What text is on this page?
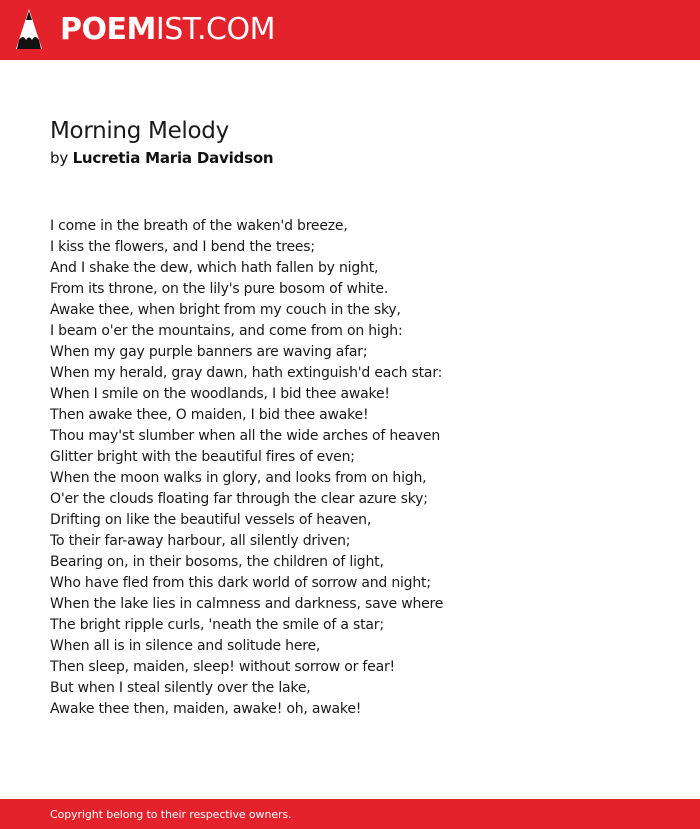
POEMIST.COM
Morning Melody
by Lucretia Maria Davidson
I come in the breath of the waken'd breeze,
I kiss the flowers, and I bend the trees;
And I shake the dew, which hath fallen by night,
From its throne, on the lily's pure bosom of white.
Awake thee, when bright from my couch in the sky,
I beam o'er the mountains, and come from on high:
When my gay purple banners are waving afar;
When my herald, gray dawn, hath extinguish'd each star:
When I smile on the woodlands, I bid thee awake!
Then awake thee, O maiden, I bid thee awake!
Thou may'st slumber when all the wide arches of heaven
Glitter bright with the beautiful fires of even;
When the moon walks in glory, and looks from on high,
O'er the clouds floating far through the clear azure sky;
Drifting on like the beautiful vessels of heaven,
To their far-away harbour, all silently driven;
Bearing on, in their bosoms, the children of light,
Who have fled from this dark world of sorrow and night;
When the lake lies in calmness and darkness, save where
The bright ripple curls, 'neath the smile of a star;
When all is in silence and solitude here,
Then sleep, maiden, sleep! without sorrow or fear!
But when I steal silently over the lake,
Awake thee then, maiden, awake! oh, awake!
Copyright belong to their respective owners.
